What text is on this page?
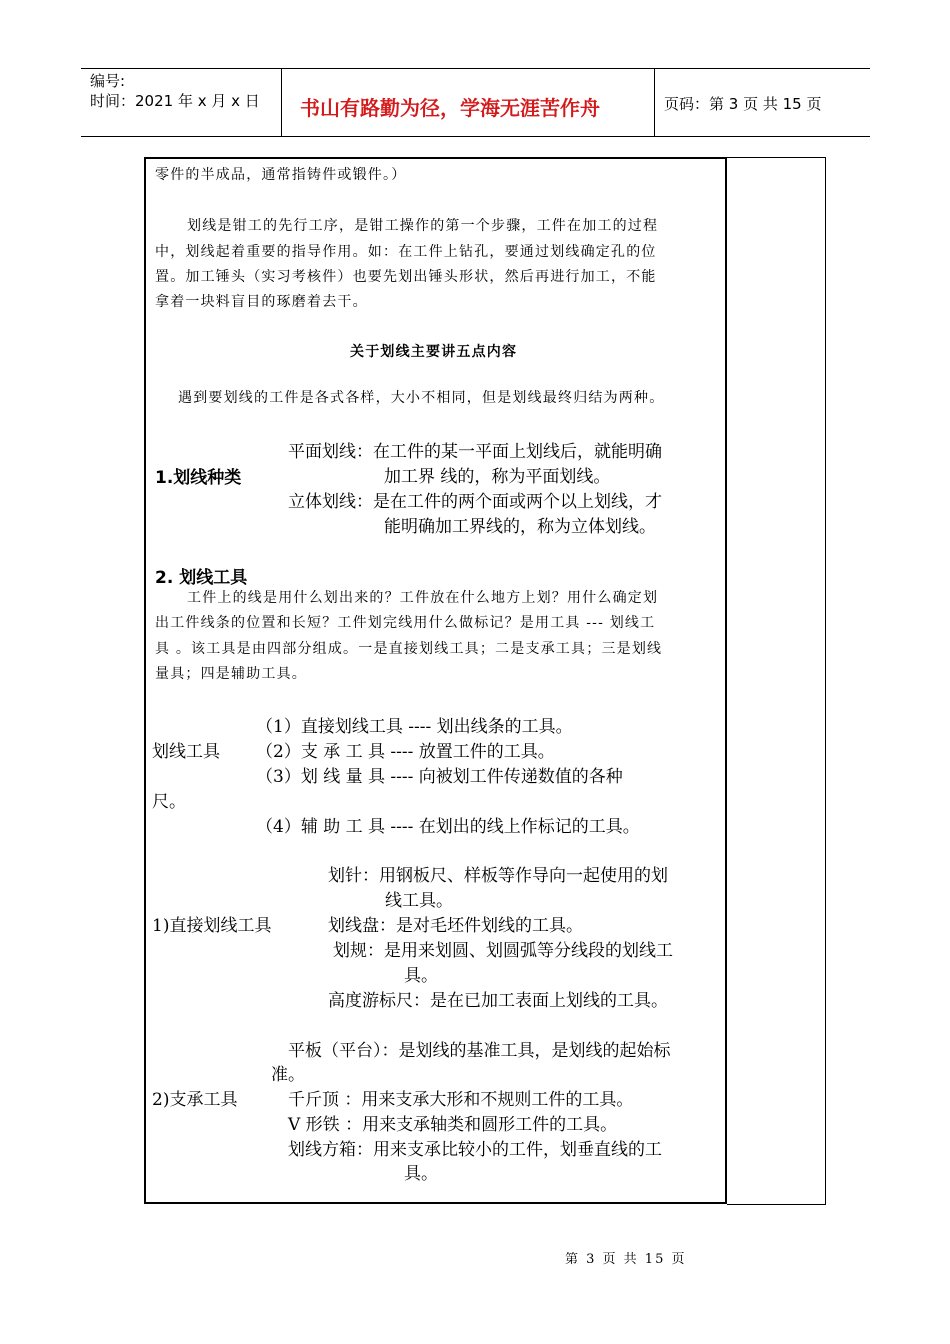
编号:
时间：2021 年 x 月 x 日 书山有路勤为径，学海无涯苦作舟	页码：第 3 页 共 15 页
零件的半成品，通常指铸件或锻件。）
划线是钳工的先行工序，是钳工操作的第一个步骤，工件在加工的过程
中，划线起着重要的指导作用。如：在工件上钻孔，要通过划线确定孔的位
置。加工锤头（实习考核件）也要先划出锤头形状，然后再进行加工，不能
拿着一块料盲目的琢磨着去干。
关于划线主要讲五点内容
遇到要划线的工件是各式各样，大小不相同，但是划线最终归结为两种。
1.划线种类
平面划线：在工件的某一平面上划线后，就能明确
加工界 线的，称为平面划线。
立体划线：是在工件的两个面或两个以上划线，才
能明确加工界线的，称为立体划线。
2. 划线工具
工件上的线是用什么划出来的？工件放在什么地方上划？用什么确定划
出工件线条的位置和长短？工件划完线用什么做标记？是用工具 --- 划线工
具 。该工具是由四部分组成。一是直接划线工具；二是支承工具；三是划线
量具；四是辅助工具。
划线工具
（1）直接划线工具 ---- 划出线条的工具。
（2）支 承 工 具 ---- 放置工件的工具。
（3）划 线 量 具 ---- 向被划工件传递数值的各种
尺。
（4）辅 助 工 具 ---- 在划出的线上作标记的工具。
1)直接划线工具
划针：用钢板尺、样板等作导向一起使用的划
线工具。
划线盘：是对毛坯件划线的工具。
划规：是用来划圆、划圆弧等分线段的划线工
具。
高度游标尺：是在已加工表面上划线的工具。
2)支承工具
平板（平台）：是划线的基准工具，是划线的起始标
准。
千斤顶 ：用来支承大形和不规则工件的工具。
V 形铁 ：用来支承轴类和圆形工件的工具。
划线方箱：用来支承比较小的工件，划垂直线的工
具。
第 3 页 共 15 页
